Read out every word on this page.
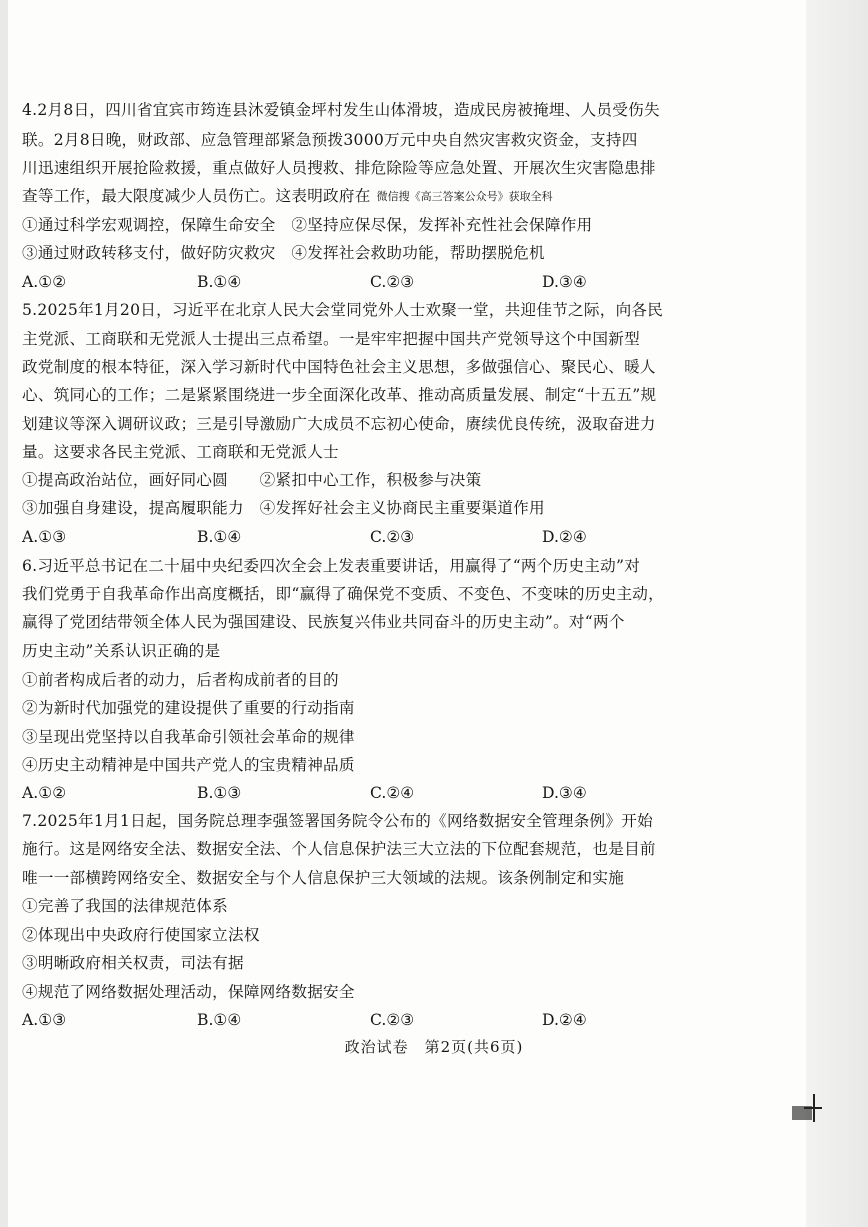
4.2月8日，四川省宜宾市筠连县沐爱镇金坪村发生山体滑坡，造成民房被掩埋、人员受伤失
联。2月8日晚，财政部、应急管理部紧急预拨3000万元中央自然灾害救灾资金，支持四
川迅速组织开展抢险救援，重点做好人员搜救、排危除险等应急处置、开展次生灾害隐患排
查等工作，最大限度减少人员伤亡。这表明政府在 微信搜《高三答案公众号》获取全科
①通过科学宏观调控，保障生命安全　②坚持应保尽保，发挥补充性社会保障作用
③通过财政转移支付，做好防灾救灾　④发挥社会救助功能，帮助摆脱危机
A.①②	B.①④	C.②③	D.③④
5.2025年1月20日，习近平在北京人民大会堂同党外人士欢聚一堂，共迎佳节之际，向各民
主党派、工商联和无党派人士提出三点希望。一是牢牢把握中国共产党领导这个中国新型
政党制度的根本特征，深入学习新时代中国特色社会主义思想，多做强信心、聚民心、暖人
心、筑同心的工作；二是紧紧围绕进一步全面深化改革、推动高质量发展、制定“十五五”规
划建议等深入调研议政；三是引导激励广大成员不忘初心使命，赓续优良传统，汲取奋进力
量。这要求各民主党派、工商联和无党派人士
①提高政治站位，画好同心圆　　②紧扣中心工作，积极参与决策
③加强自身建设，提高履职能力　④发挥好社会主义协商民主重要渠道作用
A.①③	B.①④	C.②③	D.②④
6.习近平总书记在二十届中央纪委四次全会上发表重要讲话，用赢得了“两个历史主动”对
我们党勇于自我革命作出高度概括，即“赢得了确保党不变质、不变色、不变味的历史主动，
赢得了党团结带领全体人民为强国建设、民族复兴伟业共同奋斗的历史主动”。对“两个
历史主动”关系认识正确的是
①前者构成后者的动力，后者构成前者的目的
②为新时代加强党的建设提供了重要的行动指南
③呈现出党坚持以自我革命引领社会革命的规律
④历史主动精神是中国共产党人的宝贵精神品质
A.①②	B.①③	C.②④	D.③④
7.2025年1月1日起，国务院总理李强签署国务院令公布的《网络数据安全管理条例》开始
施行。这是网络安全法、数据安全法、个人信息保护法三大立法的下位配套规范，也是目前
唯一一部横跨网络安全、数据安全与个人信息保护三大领域的法规。该条例制定和实施
①完善了我国的法律规范体系
②体现出中央政府行使国家立法权
③明晰政府相关权责，司法有据
④规范了网络数据处理活动，保障网络数据安全
A.①③	B.①④	C.②③	D.②④
政治试卷　第2页(共6页)
